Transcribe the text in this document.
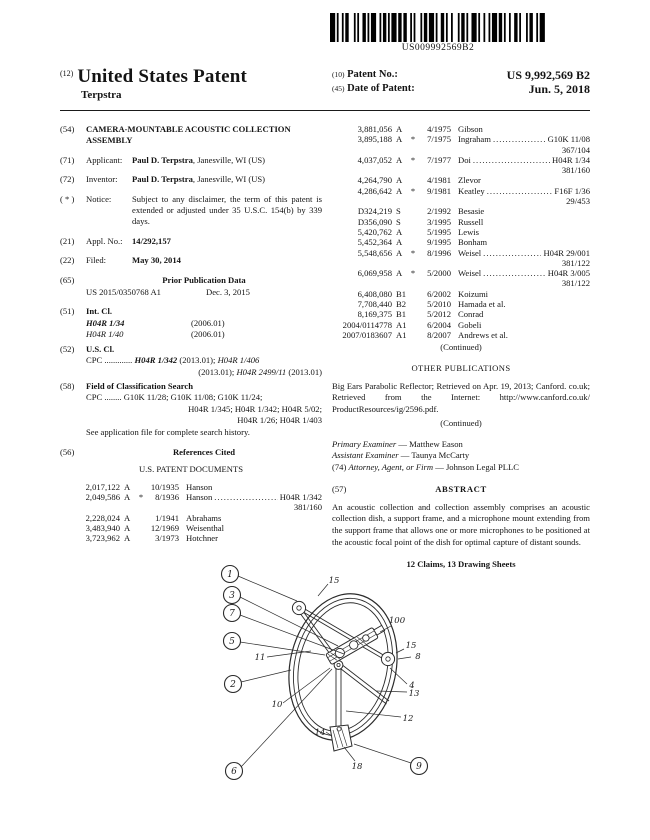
US009992569B2
$^{(12)}$ United States Patent
Terpstra
(10) Patent No.:	US 9,992,569 B2
(45) Date of Patent:	Jun. 5, 2018
(54)	CAMERA-MOUNTABLE ACOUSTIC COLLECTION ASSEMBLY
(71)	Applicant:	Paul D. Terpstra, Janesville, WI (US)
(72)	Inventor:	Paul D. Terpstra, Janesville, WI (US)
( * )	Notice:	Subject to any disclaimer, the term of this patent is extended or adjusted under 35 U.S.C. 154(b) by 339 days.
(21)	Appl. No.:	14/292,157
(22)	Filed:	May 30, 2014
(65)	Prior Publication Data
US 2015/0350768 A1	Dec. 3, 2015
(51)	Int. Cl.
H04R 1/34	(2006.01)
H04R 1/40	(2006.01)
(52)	U.S. Cl.
CPC ............. H04R 1/342 (2013.01); H04R 1/406
(2013.01); H04R 2499/11 (2013.01)
(58)	Field of Classification Search
CPC ........ G10K 11/28; G10K 11/08; G10K 11/24;
H04R 1/345; H04R 1/342; H04R 5/02;
H04R 1/26; H04R 1/403
See application file for complete search history.
(56)	References Cited
U.S. PATENT DOCUMENTS
2,017,122 A	10/1935 Hanson
2,049,586 A	*	8/1936 Hanson .....	H04R 1/342
381/160
2,228,024 A	1/1941 Abrahams
3,483,940 A	12/1969 Weisenthal
3,723,962 A	3/1973 Hotchner
3,881,056 A	4/1975 Gibson
3,895,188 A	*	7/1975 Ingraham .....	G10K 11/08
367/104
4,037,052 A	*	7/1977 Doi .....	H04R 1/34
381/160
4,264,790 A	4/1981 Zlevor
4,286,642 A	*	9/1981 Keatley .....	F16F 1/36
29/453
D324,219 S	2/1992 Besasie
D356,090 S	3/1995 Russell
5,420,762 A	5/1995 Lewis
5,452,364 A	9/1995 Bonham
5,548,656 A	*	8/1996 Weisel .....	H04R 29/001
381/122
6,069,958 A	*	5/2000 Weisel .....	H04R 3/005
381/122
6,408,080 B1	6/2002 Koizumi
7,708,440 B2	5/2010 Hamada et al.
8,169,375 B1	5/2012 Conrad
2004/0114778 A1	6/2004 Gobeli
2007/0183607 A1	8/2007 Andrews et al.
(Continued)
OTHER PUBLICATIONS
Big Ears Parabolic Reflector; Retrieved on Apr. 19, 2013; Canford. co.uk; Retrieved from the Internet: http://www.canford.co.uk/ ProductResources/ig/2596.pdf.
(Continued)
Primary Examiner — Matthew Eason
Assistant Examiner — Taunya McCarty
(74) Attorney, Agent, or Firm — Johnson Legal PLLC
(57)	ABSTRACT
An acoustic collection and collection assembly comprises an acoustic collection dish, a support frame, and a microphone mount extending from the support frame that allows one or more microphones to be positioned at the acoustic focal point of the dish for optimal capture of distant sounds.
12 Claims, 13 Drawing Sheets
1
3
7
5
2
6	9
15
100
15
8
4
13
12
11
10
14
18
